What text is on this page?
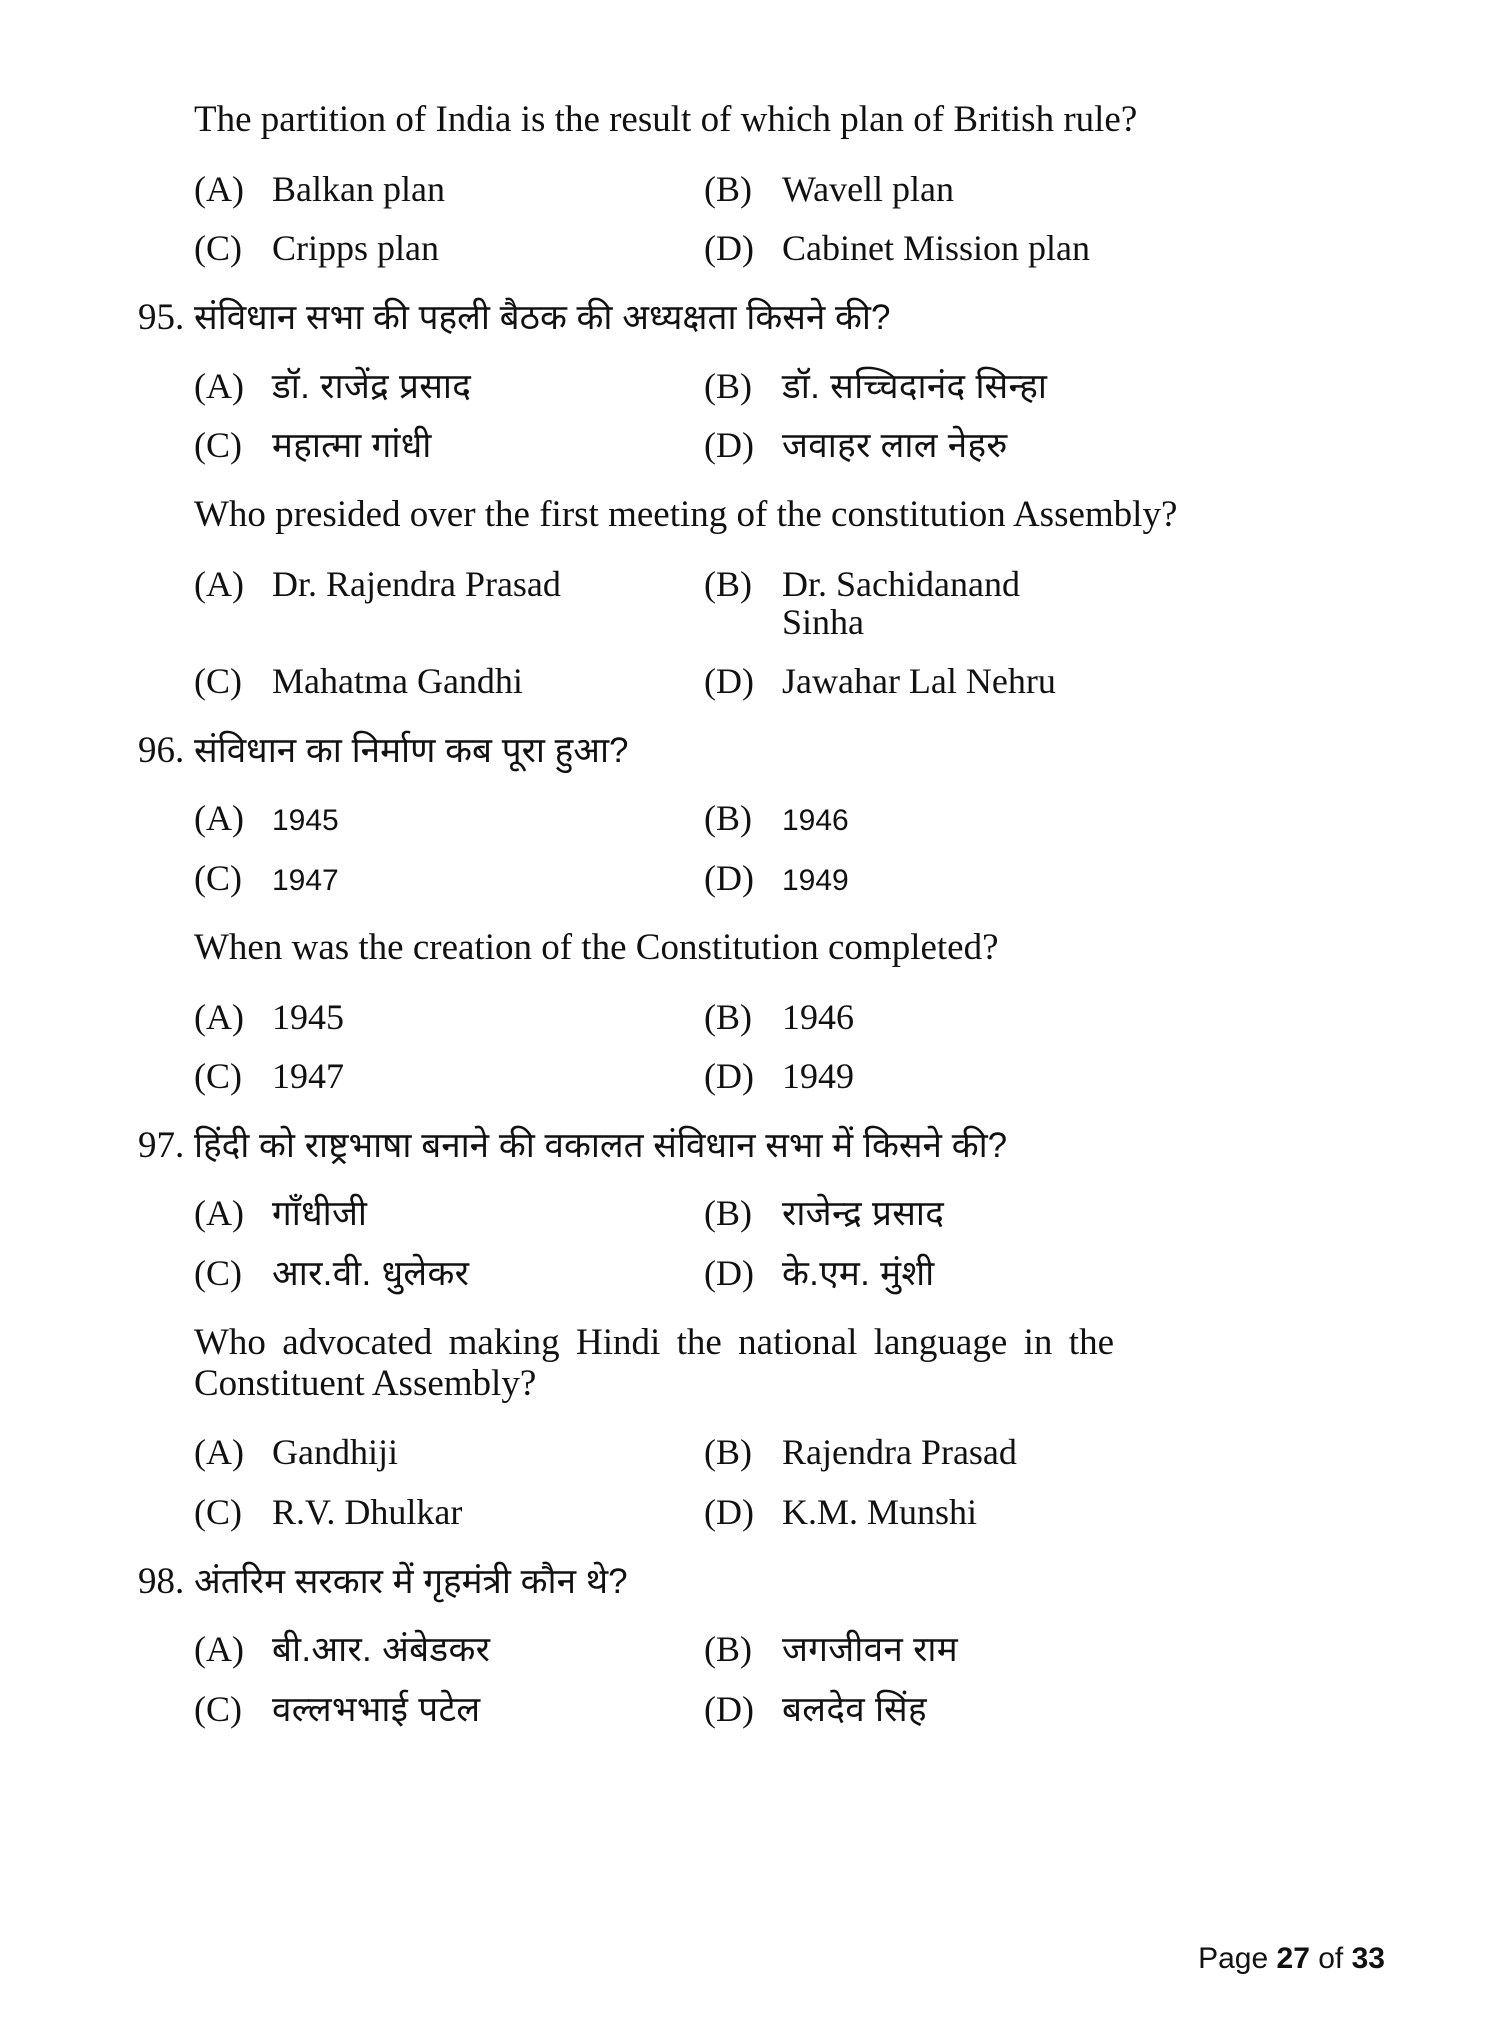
The partition of India is the result of which plan of British rule?
(A) Balkan plan	(B) Wavell plan
(C) Cripps plan	(D) Cabinet Mission plan
95. संविधान सभा की पहली बैठक की अध्यक्षता किसने की?
(A) डॉ. राजेंद्र प्रसाद	(B) डॉ. सच्चिदानंद सिन्हा
(C) महात्मा गांधी	(D) जवाहर लाल नेहरु
Who presided over the first meeting of the constitution Assembly?
(A) Dr. Rajendra Prasad	(B) Dr. Sachidanand Sinha
(C) Mahatma Gandhi	(D) Jawahar Lal Nehru
96. संविधान का निर्माण कब पूरा हुआ?
(A) 1945	(B)	1946
(C)	1947	(D) 1949
When was the creation of the Constitution completed?
(A) 1945	(B) 1946
(C) 1947	(D) 1949
97. हिंदी को राष्ट्रभाषा बनाने की वकालत संविधान सभा में किसने की?
(A) गाँधीजी	(B) राजेन्द्र प्रसाद
(C) आर.वी. धुलेकर	(D) के.एम. मुंशी
Who advocated making Hindi the national language in the Constituent Assembly?
(A) Gandhiji	(B) Rajendra Prasad
(C) R.V. Dhulkar	(D) K.M. Munshi
98. अंतरिम सरकार में गृहमंत्री कौन थे?
(A) बी.आर. अंबेडकर	(B) जगजीवन राम
(C) वल्लभभाई पटेल	(D) बलदेव सिंह
Page 27 of 33
